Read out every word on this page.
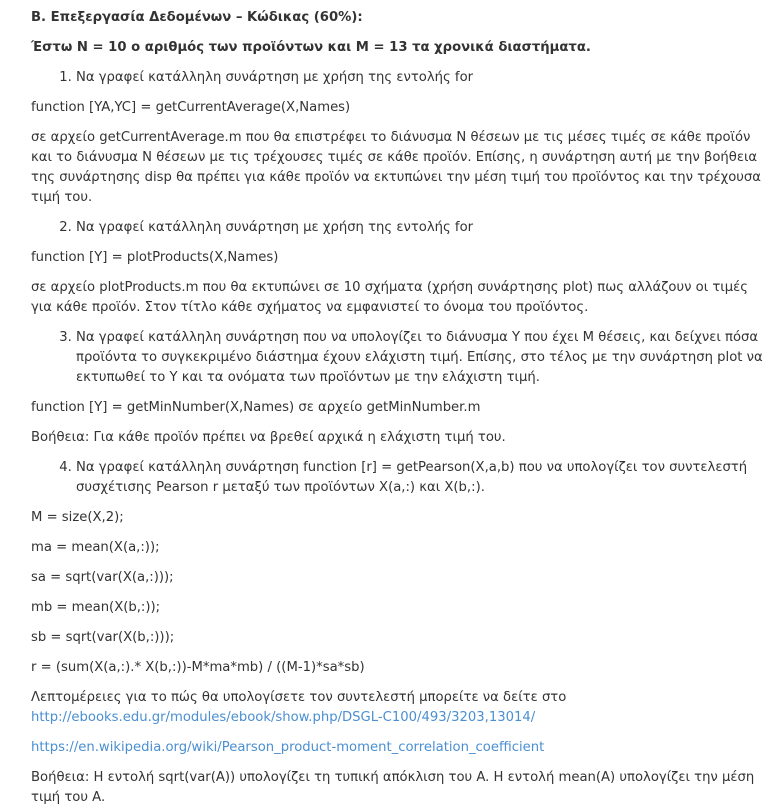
Β. Επεξεργασία Δεδομένων – Κώδικας (60%):

Έστω N = 10 ο αριθμός των προϊόντων και M = 13 τα χρονικά διαστήματα.

1. Να γραφεί κατάλληλη συνάρτηση με χρήση της εντολής for

function [YA,YC] = getCurrentAverage(X,Names)

σε αρχείο getCurrentAverage.m που θα επιστρέφει το διάνυσμα N θέσεων με τις μέσες τιμές σε κάθε προϊόν και το διάνυσμα N θέσεων με τις τρέχουσες τιμές σε κάθε προϊόν. Επίσης, η συνάρτηση αυτή με την βοήθεια της συνάρτησης disp θα πρέπει για κάθε προϊόν να εκτυπώνει την μέση τιμή του προϊόντος και την τρέχουσα τιμή του.

2. Να γραφεί κατάλληλη συνάρτηση με χρήση της εντολής for

function [Y] = plotProducts(X,Names)

σε αρχείο plotProducts.m που θα εκτυπώνει σε 10 σχήματα (χρήση συνάρτησης plot) πως αλλάζουν οι τιμές για κάθε προϊόν. Στον τίτλο κάθε σχήματος να εμφανιστεί το όνομα του προϊόντος.

3. Να γραφεί κατάλληλη συνάρτηση που να υπολογίζει το διάνυσμα Y που έχει M θέσεις, και δείχνει πόσα προϊόντα το συγκεκριμένο διάστημα έχουν ελάχιστη τιμή. Επίσης, στο τέλος με την συνάρτηση plot να εκτυπωθεί το Y και τα ονόματα των προϊόντων με την ελάχιστη τιμή.

function [Y] = getMinNumber(X,Names) σε αρχείο getMinNumber.m

Βοήθεια: Για κάθε προϊόν πρέπει να βρεθεί αρχικά η ελάχιστη τιμή του.

4. Να γραφεί κατάλληλη συνάρτηση function [r] = getPearson(X,a,b) που να υπολογίζει τον συντελεστή συσχέτισης Pearson r μεταξύ των προϊόντων X(a,:) και X(b,:).

M = size(X,2);

ma = mean(X(a,:));

sa = sqrt(var(X(a,:)));

mb = mean(X(b,:));

sb = sqrt(var(X(b,:)));

r = (sum(X(a,:).* X(b,:))-M*ma*mb) / ((M-1)*sa*sb)

Λεπτομέρειες για το πώς θα υπολογίσετε τον συντελεστή μπορείτε να δείτε στο
http://ebooks.edu.gr/modules/ebook/show.php/DSGL-C100/493/3203,13014/

https://en.wikipedia.org/wiki/Pearson_product-moment_correlation_coefficient

Βοήθεια: Η εντολή sqrt(var(A)) υπολογίζει τη τυπική απόκλιση του A. Η εντολή mean(A) υπολογίζει την μέση τιμή του A.
